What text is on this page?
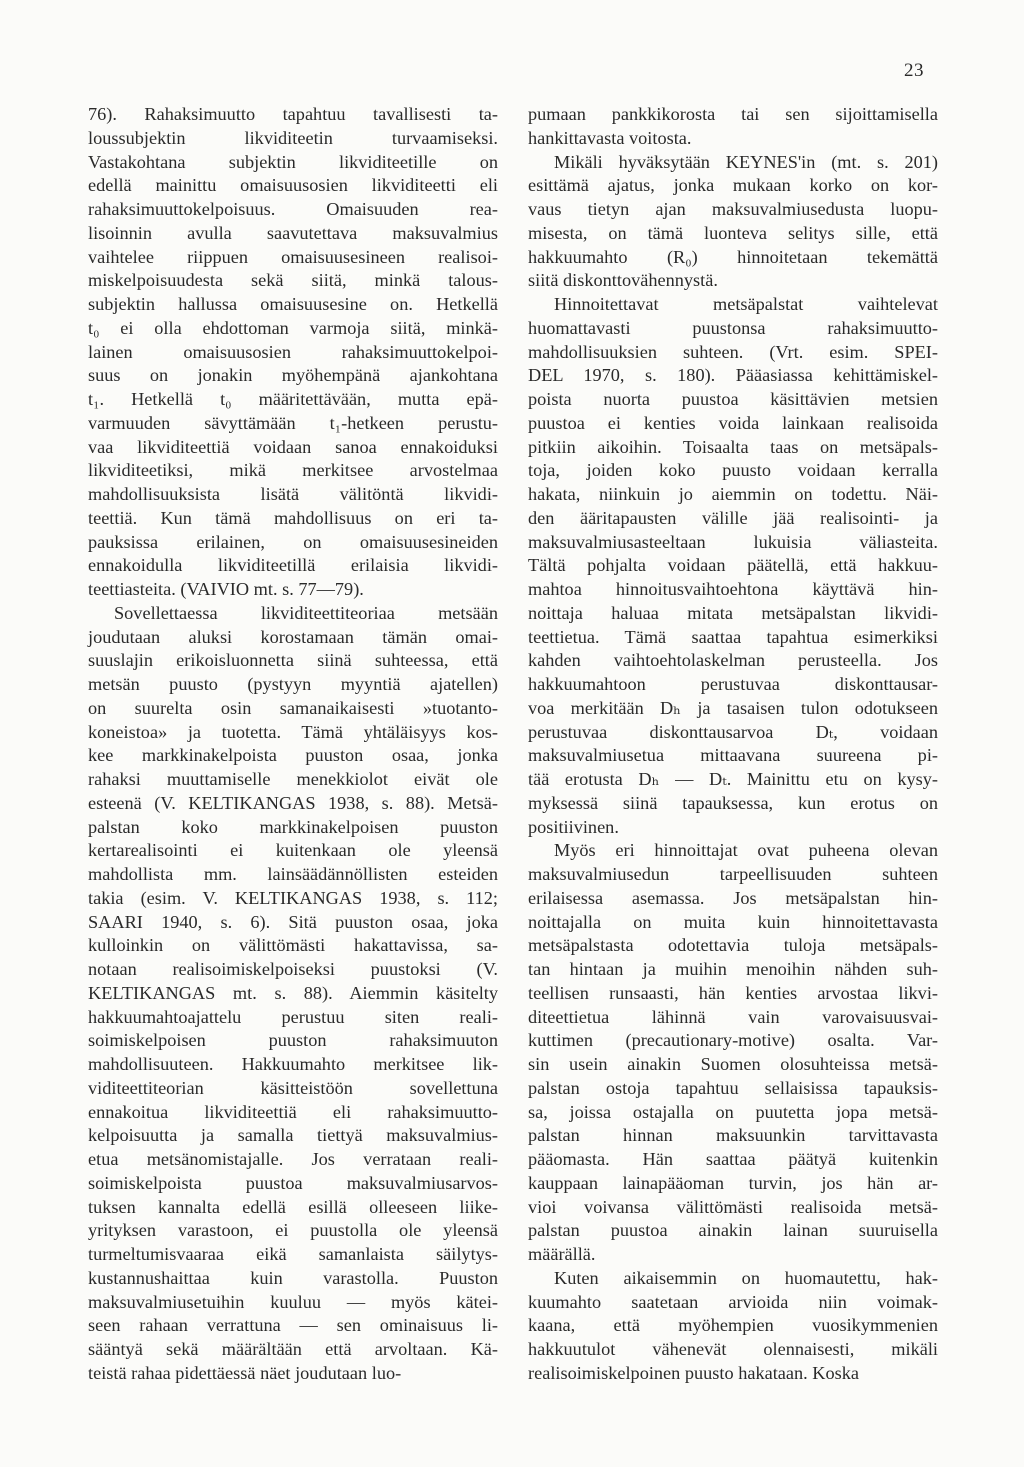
23

76). Rahaksimuutto tapahtuu tavallisesti ta-
loussubjektin likviditeetin turvaamiseksi.
Vastakohtana subjektin likviditeetille on
edellä mainittu omaisuusosien likviditeetti eli
rahaksimuuttokelpoisuus. Omaisuuden rea-
lisoinnin avulla saavutettava maksuvalmius
vaihtelee riippuen omaisuusesineen realisoi-
miskelpoisuudesta sekä siitä, minkä talous-
subjektin hallussa omaisuusesine on. Hetkellä
t₀ ei olla ehdottoman varmoja siitä, minkä-
lainen omaisuusosien rahaksimuuttokelpoi-
suus on jonakin myöhempänä ajankohtana
t₁. Hetkellä t₀ määritettävään, mutta epä-
varmuuden sävyttämään t₁-hetkeen perustu-
vaa likviditeettiä voidaan sanoa ennakoiduksi
likviditeetiksi, mikä merkitsee arvostelmaa
mahdollisuuksista lisätä välitöntä likvidi-
teettiä. Kun tämä mahdollisuus on eri ta-
pauksissa erilainen, on omaisuusesineiden
ennakoidulla likviditeetillä erilaisia likvidi-
teettiasteita. (VAIVIO mt. s. 77—79).

Sovellettaessa likviditeettiteoriaa metsään
joudutaan aluksi korostamaan tämän omai-
suuslajin erikoisluonnetta siinä suhteessa, että
metsän puusto (pystyyn myyntiä ajatellen)
on suurelta osin samanaikaisesti »tuotanto-
koneistoa» ja tuotetta. Tämä yhtäläisyys kos-
kee markkinakelpoista puuston osaa, jonka
rahaksi muuttamiselle menekkiolot eivät ole
esteenä (V. KELTIKANGAS 1938, s. 88). Metsä-
palstan koko markkinakelpoisen puuston
kertarealisointi ei kuitenkaan ole yleensä
mahdollista mm. lainsäädännöllisten esteiden
takia (esim. V. KELTIKANGAS 1938, s. 112;
SAARI 1940, s. 6). Sitä puuston osaa, joka
kulloinkin on välittömästi hakattavissa, sa-
notaan realisoimiskelpoiseksi puustoksi (V.
KELTIKANGAS mt. s. 88). Aiemmin käsitelty
hakkuumahtoajattelu perustuu siten reali-
soimiskelpoisen puuston rahaksimuuton
mahdollisuuteen. Hakkuumahto merkitsee lik-
viditeettiteorian käsitteistöön sovellettuna
ennakoitua likviditeettiä eli rahaksimuutto-
kelpoisuutta ja samalla tiettyä maksuvalmius-
etua metsänomistajalle. Jos verrataan reali-
soimiskelpoista puustoa maksuvalmiusarvos-
tuksen kannalta edellä esillä olleeseen liike-
yrityksen varastoon, ei puustolla ole yleensä
turmeltumisvaaraa eikä samanlaista säilytys-
kustannushaittaa kuin varastolla. Puuston
maksuvalmiusetuihin kuuluu — myös kätei-
seen rahaan verrattuna — sen ominaisuus li-
sääntyä sekä määrältään että arvoltaan. Kä-
teistä rahaa pidettäessä näet joudutaan luo-

pumaan pankkikorosta tai sen sijoittamisella
hankittavasta voitosta.

Mikäli hyväksytään KEYNES'in (mt. s. 201)
esittämä ajatus, jonka mukaan korko on kor-
vaus tietyn ajan maksuvalmiusedusta luopu-
misesta, on tämä luonteva selitys sille, että
hakkuumahto (R₀) hinnoitetaan tekemättä
siitä diskonttovähennystä.

Hinnoitettavat metsäpalstat vaihtelevat
huomattavasti puustonsa rahaksimuutto-
mahdollisuuksien suhteen. (Vrt. esim. SPEI-
DEL 1970, s. 180). Pääasiassa kehittämiskel-
poista nuorta puustoa käsittävien metsien
puustoa ei kenties voida lainkaan realisoida
pitkiin aikoihin. Toisaalta taas on metsäpals-
toja, joiden koko puusto voidaan kerralla
hakata, niinkuin jo aiemmin on todettu. Näi-
den ääritapausten välille jää realisointi- ja
maksuvalmiusasteeltaan lukuisia väliasteita.
Tältä pohjalta voidaan päätellä, että hakkuu-
mahtoa hinnoitusvaihtoehtona käyttävä hin-
noittaja haluaa mitata metsäpalstan likvidi-
teettietua. Tämä saattaa tapahtua esimerkiksi
kahden vaihtoehtolaskelman perusteella. Jos
hakkuumahtoon perustuvaa diskonttausar-
voa merkitään Dₕ ja tasaisen tulon odotukseen
perustuvaa diskonttausarvoa Dₜ, voidaan
maksuvalmiusetua mittaavana suureena pi-
tää erotusta Dₕ — Dₜ. Mainittu etu on kysy-
myksessä siinä tapauksessa, kun erotus on
positiivinen.

Myös eri hinnoittajat ovat puheena olevan
maksuvalmiusedun tarpeellisuuden suhteen
erilaisessa asemassa. Jos metsäpalstan hin-
noittajalla on muita kuin hinnoitettavasta
metsäpalstasta odotettavia tuloja metsäpals-
tan hintaan ja muihin menoihin nähden suh-
teellisen runsaasti, hän kenties arvostaa likvi-
diteettietua lähinnä vain varovaisuusvai-
kuttimen (precautionary-motive) osalta. Var-
sin usein ainakin Suomen olosuhteissa metsä-
palstan ostoja tapahtuu sellaisissa tapauksis-
sa, joissa ostajalla on puutetta jopa metsä-
palstan hinnan maksuunkin tarvittavasta
pääomasta. Hän saattaa päätyä kuitenkin
kauppaan lainapääoman turvin, jos hän ar-
vioi voivansa välittömästi realisoida metsä-
palstan puustoa ainakin lainan suuruisella
määrällä.

Kuten aikaisemmin on huomautettu, hak-
kuumahto saatetaan arvioida niin voimak-
kaana, että myöhempien vuosikymmenien
hakkuutulot vähenevät olennaisesti, mikäli
realisoimiskelpoinen puusto hakataan. Koska
